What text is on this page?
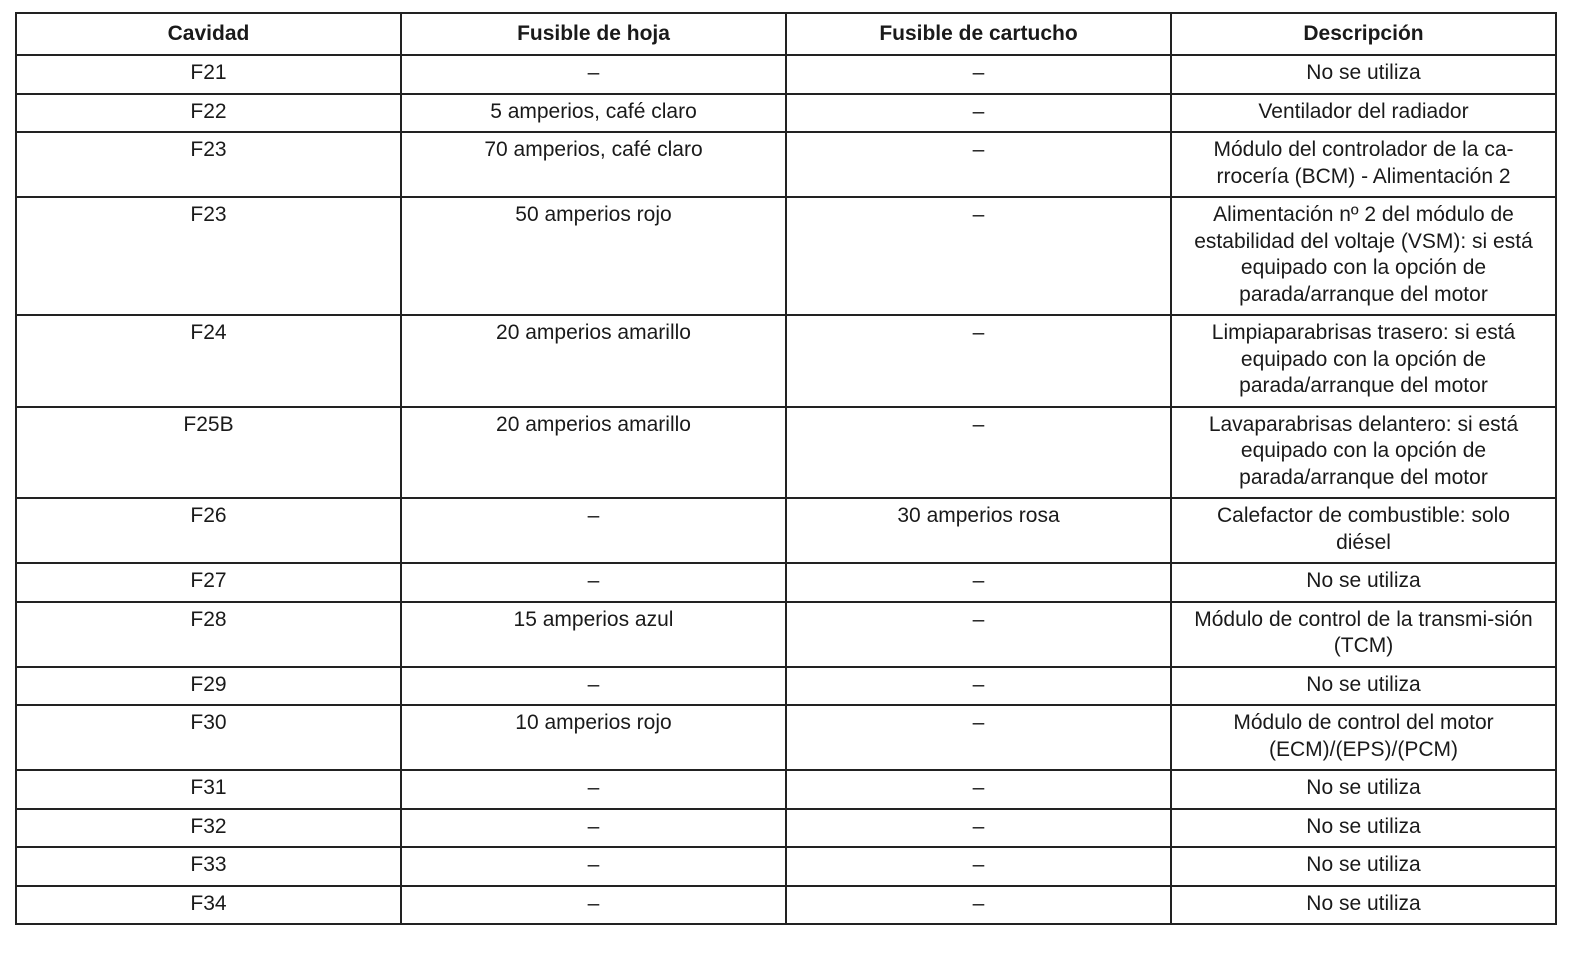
Cavidad	Fusible de hoja	Fusible de cartucho	Descripción
F21	–	–	No se utiliza
F22	5 amperios, café claro	–	Ventilador del radiador
F23	70 amperios, café claro	–	Módulo del controlador de la ca-rrocería (BCM) - Alimentación 2
F23	50 amperios rojo	–	Alimentación nº 2 del módulo de estabilidad del voltaje (VSM): si está equipado con la opción de parada/arranque del motor
F24	20 amperios amarillo	–	Limpiaparabrisas trasero: si está equipado con la opción de parada/arranque del motor
F25B	20 amperios amarillo	–	Lavaparabrisas delantero: si está equipado con la opción de parada/arranque del motor
F26	–	30 amperios rosa	Calefactor de combustible: solo diésel
F27	–	–	No se utiliza
F28	15 amperios azul	–	Módulo de control de la transmi-sión (TCM)
F29	–	–	No se utiliza
F30	10 amperios rojo	–	Módulo de control del motor (ECM)/(EPS)/(PCM)
F31	–	–	No se utiliza
F32	–	–	No se utiliza
F33	–	–	No se utiliza
F34	–	–	No se utiliza
